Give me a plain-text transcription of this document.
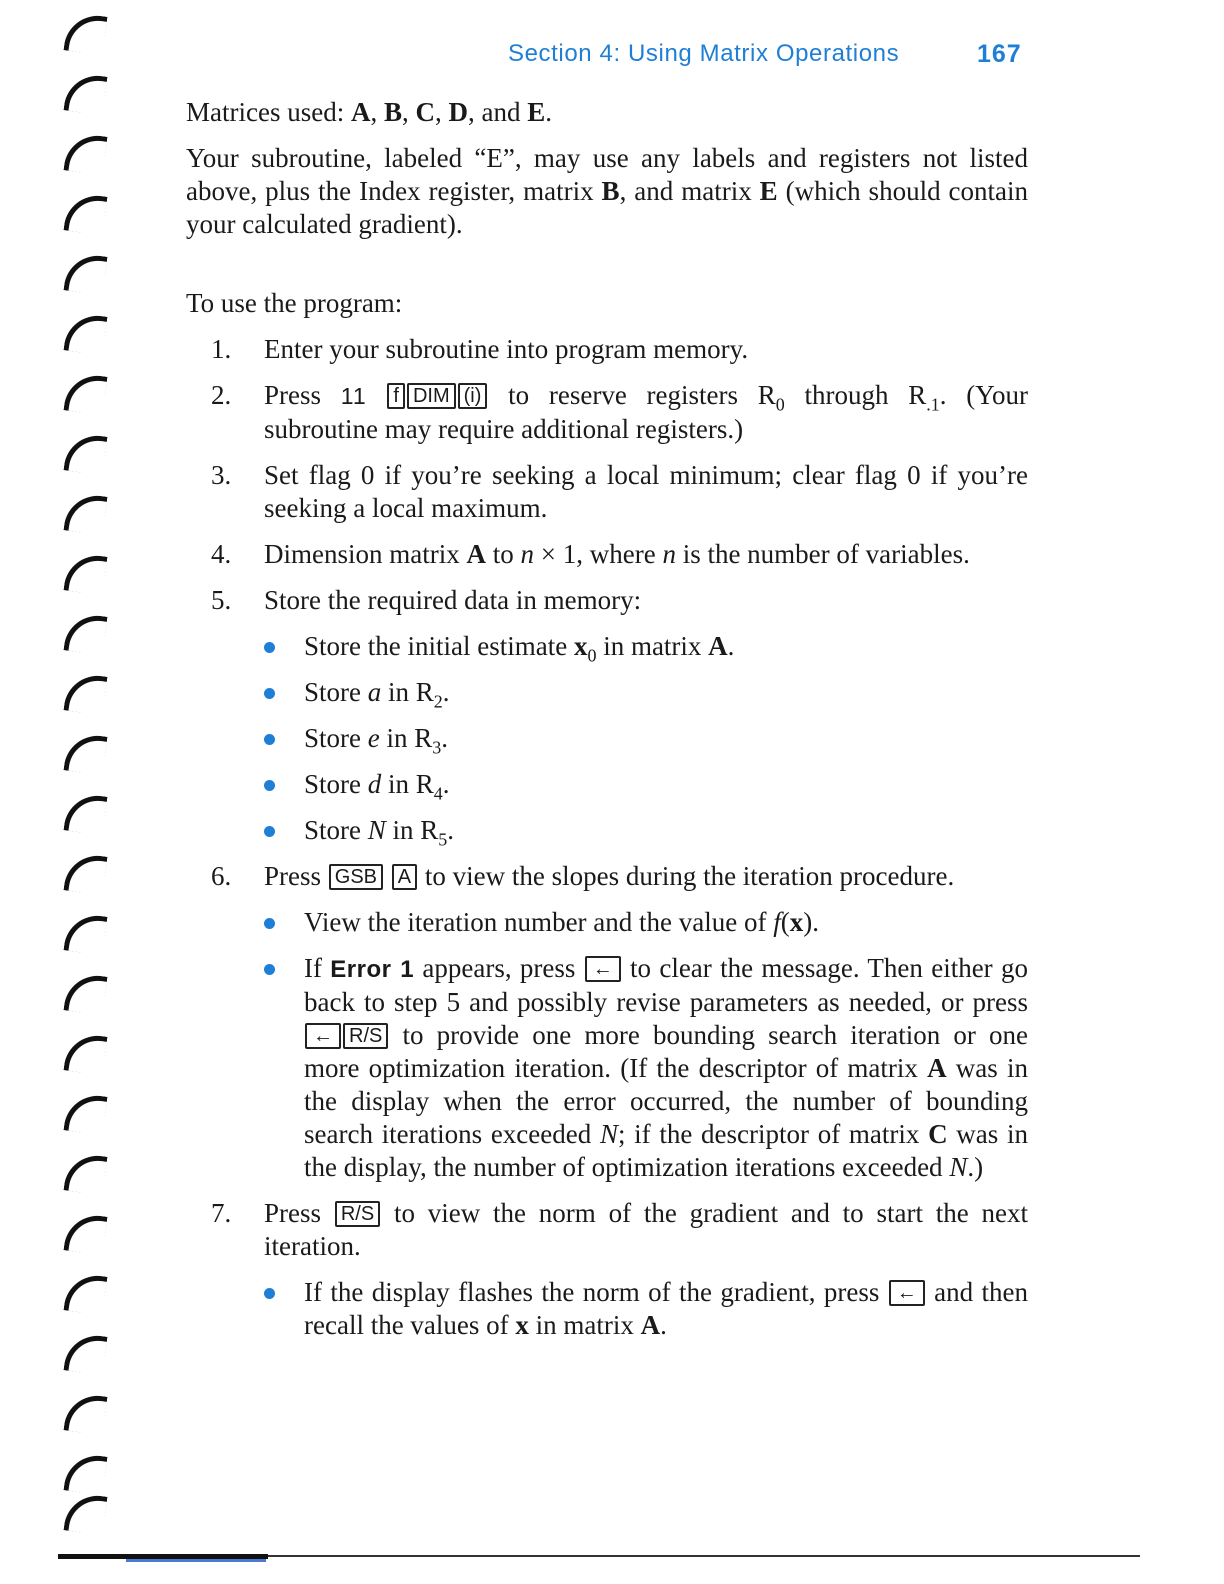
Section 4: Using Matrix Operations	167

Matrices used: A, B, C, D, and E.

Your subroutine, labeled “E”, may use any labels and registers not listed above, plus the Index register, matrix B, and matrix E (which should contain your calculated gradient).

To use the program:

1. Enter your subroutine into program memory.
2. Press 11 f DIM (i) to reserve registers $R_0$ through $R_{.1}$. (Your subroutine may require additional registers.)
3. Set flag 0 if you’re seeking a local minimum; clear flag 0 if you’re seeking a local maximum.
4. Dimension matrix A to n × 1, where n is the number of variables.
5. Store the required data in memory:
Store the initial estimate $x_0$ in matrix A.
Store a in $R_2$.
Store e in $R_3$.
Store d in $R_4$.
Store N in $R_5$.
6. Press GSB A to view the slopes during the iteration procedure.
View the iteration number and the value of f(x).
If Error 1 appears, press ← to clear the message. Then either go back to step 5 and possibly revise parameters as needed, or press ← R/S to provide one more bounding search iteration or one more optimization iteration. (If the descriptor of matrix A was in the display when the error occurred, the number of bounding search iterations exceeded N; if the descriptor of matrix C was in the display, the number of optimization iterations exceeded N.)
7. Press R/S to view the norm of the gradient and to start the next iteration.
If the display flashes the norm of the gradient, press ← and then recall the values of x in matrix A.
